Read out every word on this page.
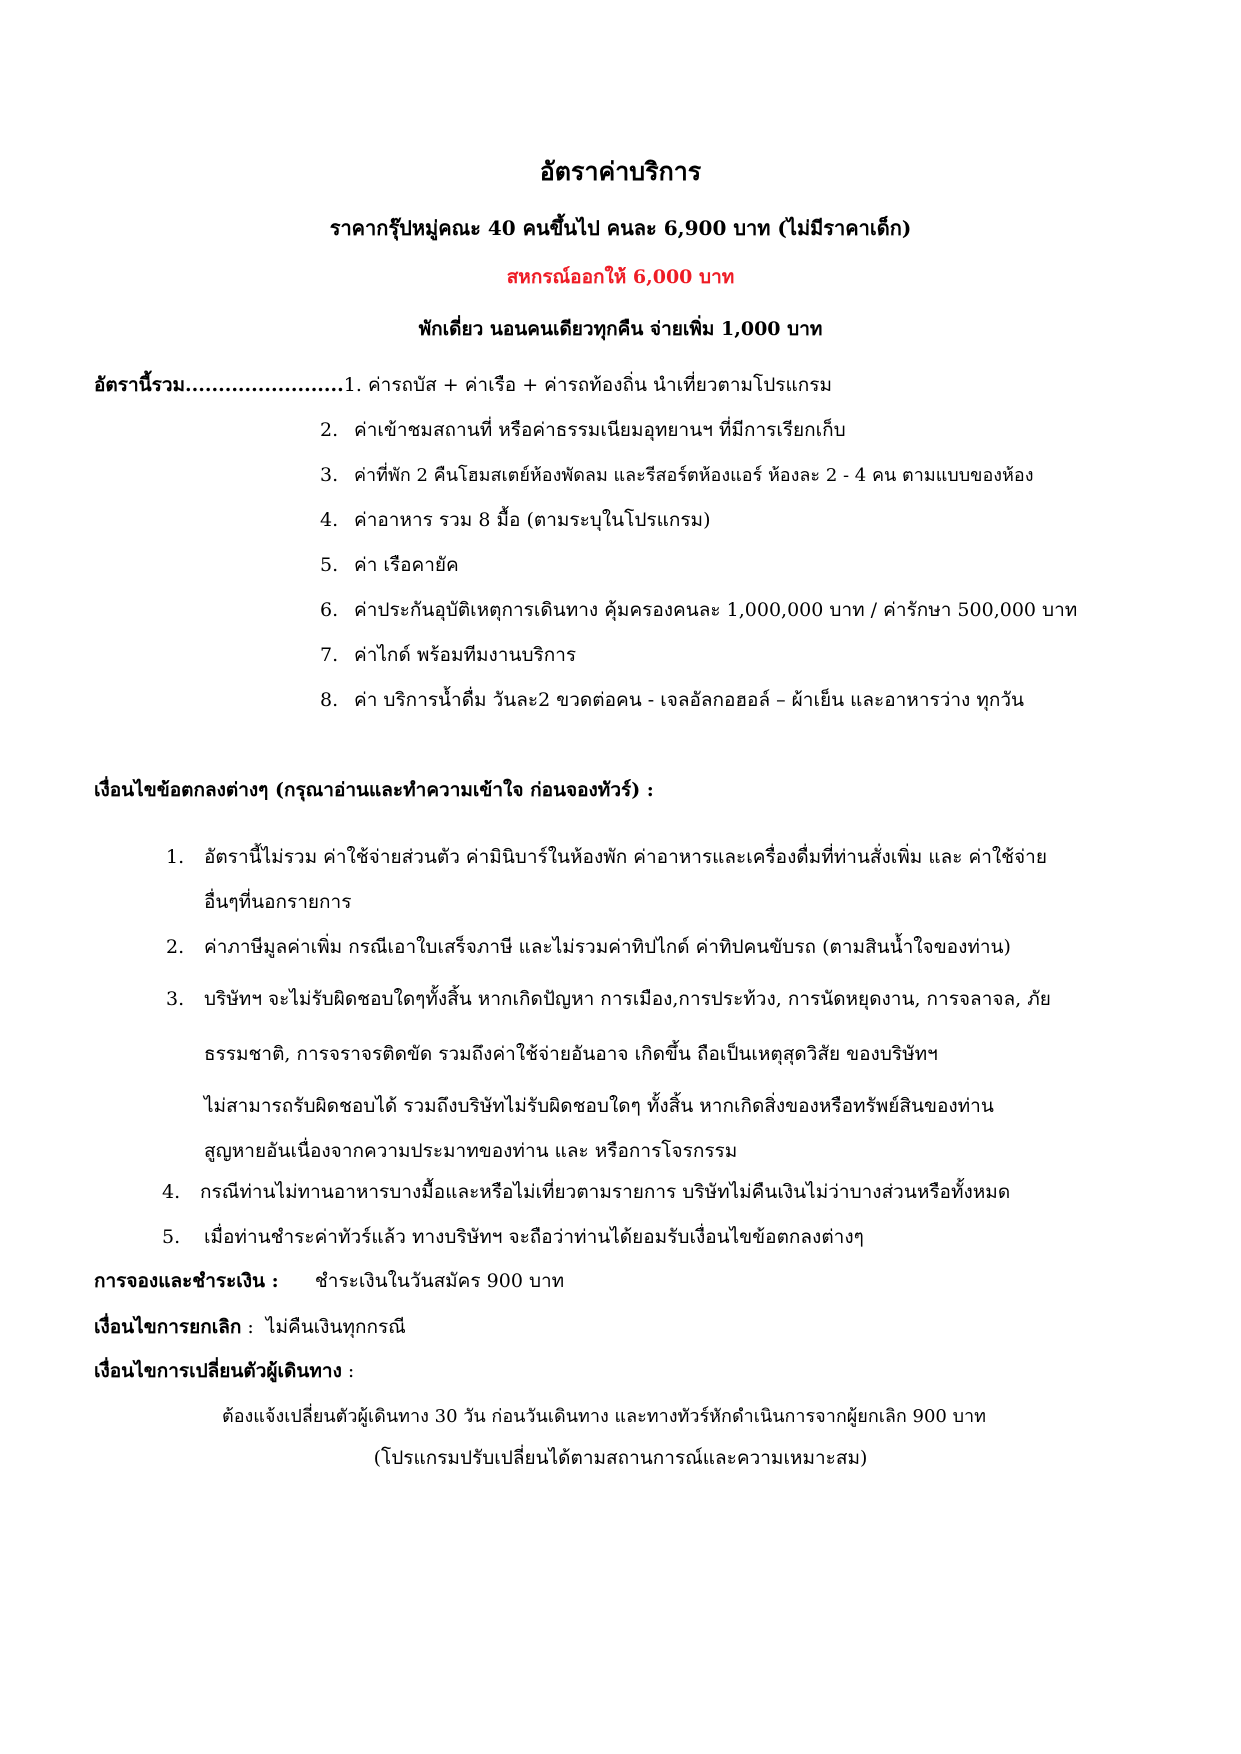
อัตราค่าบริการ
ราคากรุ๊ปหมู่คณะ 40 คนขึ้นไป คนละ 6,900 บาท (ไม่มีราคาเด็ก)
สหกรณ์ออกให้ 6,000 บาท
พักเดี่ยว นอนคนเดียวทุกคืน จ่ายเพิ่ม 1,000 บาท
อัตรานี้รวม........................1. ค่ารถบัส + ค่าเรือ + ค่ารถท้องถิ่น นำเที่ยวตามโปรแกรม
2. ค่าเข้าชมสถานที่ หรือค่าธรรมเนียมอุทยานฯ ที่มีการเรียกเก็บ
3. ค่าที่พัก 2 คืนโฮมสเตย์ห้องพัดลม และรีสอร์ตห้องแอร์ ห้องละ 2 - 4 คน ตามแบบของห้อง
4. ค่าอาหาร รวม 8 มื้อ (ตามระบุในโปรแกรม)
5. ค่า เรือคายัค
6. ค่าประกันอุบัติเหตุการเดินทาง คุ้มครองคนละ 1,000,000 บาท / ค่ารักษา 500,000 บาท
7. ค่าไกด์ พร้อมทีมงานบริการ
8. ค่า บริการน้ำดื่ม วันละ2 ขวดต่อคน - เจลอัลกอฮอล์ – ผ้าเย็น และอาหารว่าง ทุกวัน
เงื่อนไขข้อตกลงต่างๆ (กรุณาอ่านและทำความเข้าใจ ก่อนจองทัวร์) :
1. อัตรานี้ไม่รวม ค่าใช้จ่ายส่วนตัว ค่ามินิบาร์ในห้องพัก ค่าอาหารและเครื่องดื่มที่ท่านสั่งเพิ่ม และ ค่าใช้จ่าย
อื่นๆที่นอกรายการ
2. ค่าภาษีมูลค่าเพิ่ม กรณีเอาใบเสร็จภาษี และไม่รวมค่าทิปไกด์ ค่าทิปคนขับรถ (ตามสินน้ำใจของท่าน)
3. บริษัทฯ จะไม่รับผิดชอบใดๆทั้งสิ้น หากเกิดปัญหา การเมือง,การประท้วง, การนัดหยุดงาน, การจลาจล, ภัย
ธรรมชาติ, การจราจรติดขัด รวมถึงค่าใช้จ่ายอันอาจ เกิดขึ้น ถือเป็นเหตุสุดวิสัย ของบริษัทฯ
ไม่สามารถรับผิดชอบได้ รวมถึงบริษัทไม่รับผิดชอบใดๆ ทั้งสิ้น หากเกิดสิ่งของหรือทรัพย์สินของท่าน
สูญหายอันเนื่องจากความประมาทของท่าน และ หรือการโจรกรรม
4. กรณีท่านไม่ทานอาหารบางมื้อและหรือไม่เที่ยวตามรายการ บริษัทไม่คืนเงินไม่ว่าบางส่วนหรือทั้งหมด
5. เมื่อท่านชำระค่าทัวร์แล้ว ทางบริษัทฯ จะถือว่าท่านได้ยอมรับเงื่อนไขข้อตกลงต่างๆ
การจองและชำระเงิน : ชำระเงินในวันสมัคร 900 บาท
เงื่อนไขการยกเลิก :  ไม่คืนเงินทุกกรณี
เงื่อนไขการเปลี่ยนตัวผู้เดินทาง :
ต้องแจ้งเปลี่ยนตัวผู้เดินทาง 30 วัน ก่อนวันเดินทาง และทางทัวร์หักดำเนินการจากผู้ยกเลิก 900 บาท
(โปรแกรมปรับเปลี่ยนได้ตามสถานการณ์และความเหมาะสม)
